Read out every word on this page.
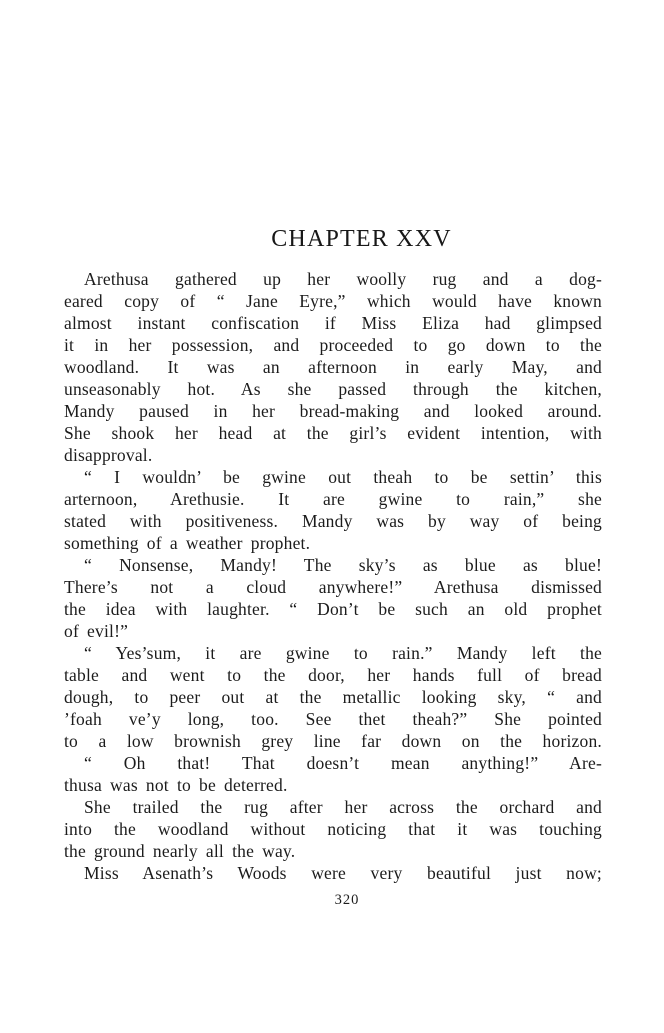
CHAPTER XXV
Arethusa gathered up her woolly rug and a dog-
eared copy of “ Jane Eyre,” which would have known
almost instant confiscation if Miss Eliza had glimpsed
it in her possession, and proceeded to go down to the
woodland. It was an afternoon in early May, and
unseasonably hot. As she passed through the kitchen,
Mandy paused in her bread-making and looked around.
She shook her head at the girl’s evident intention, with
disapproval.
“ I wouldn’ be gwine out theah to be settin’ this
arternoon, Arethusie. It are gwine to rain,” she
stated with positiveness. Mandy was by way of being
something of a weather prophet.
“ Nonsense, Mandy! The sky’s as blue as blue!
There’s not a cloud anywhere!” Arethusa dismissed
the idea with laughter. “ Don’t be such an old prophet
of evil!”
“ Yes’sum, it are gwine to rain.” Mandy left the
table and went to the door, her hands full of bread
dough, to peer out at the metallic looking sky, “ and
’foah ve’y long, too. See thet theah?” She pointed
to a low brownish grey line far down on the horizon.
“ Oh that! That doesn’t mean anything!” Are-
thusa was not to be deterred.
She trailed the rug after her across the orchard and
into the woodland without noticing that it was touching
the ground nearly all the way.
Miss Asenath’s Woods were very beautiful just now;
320
